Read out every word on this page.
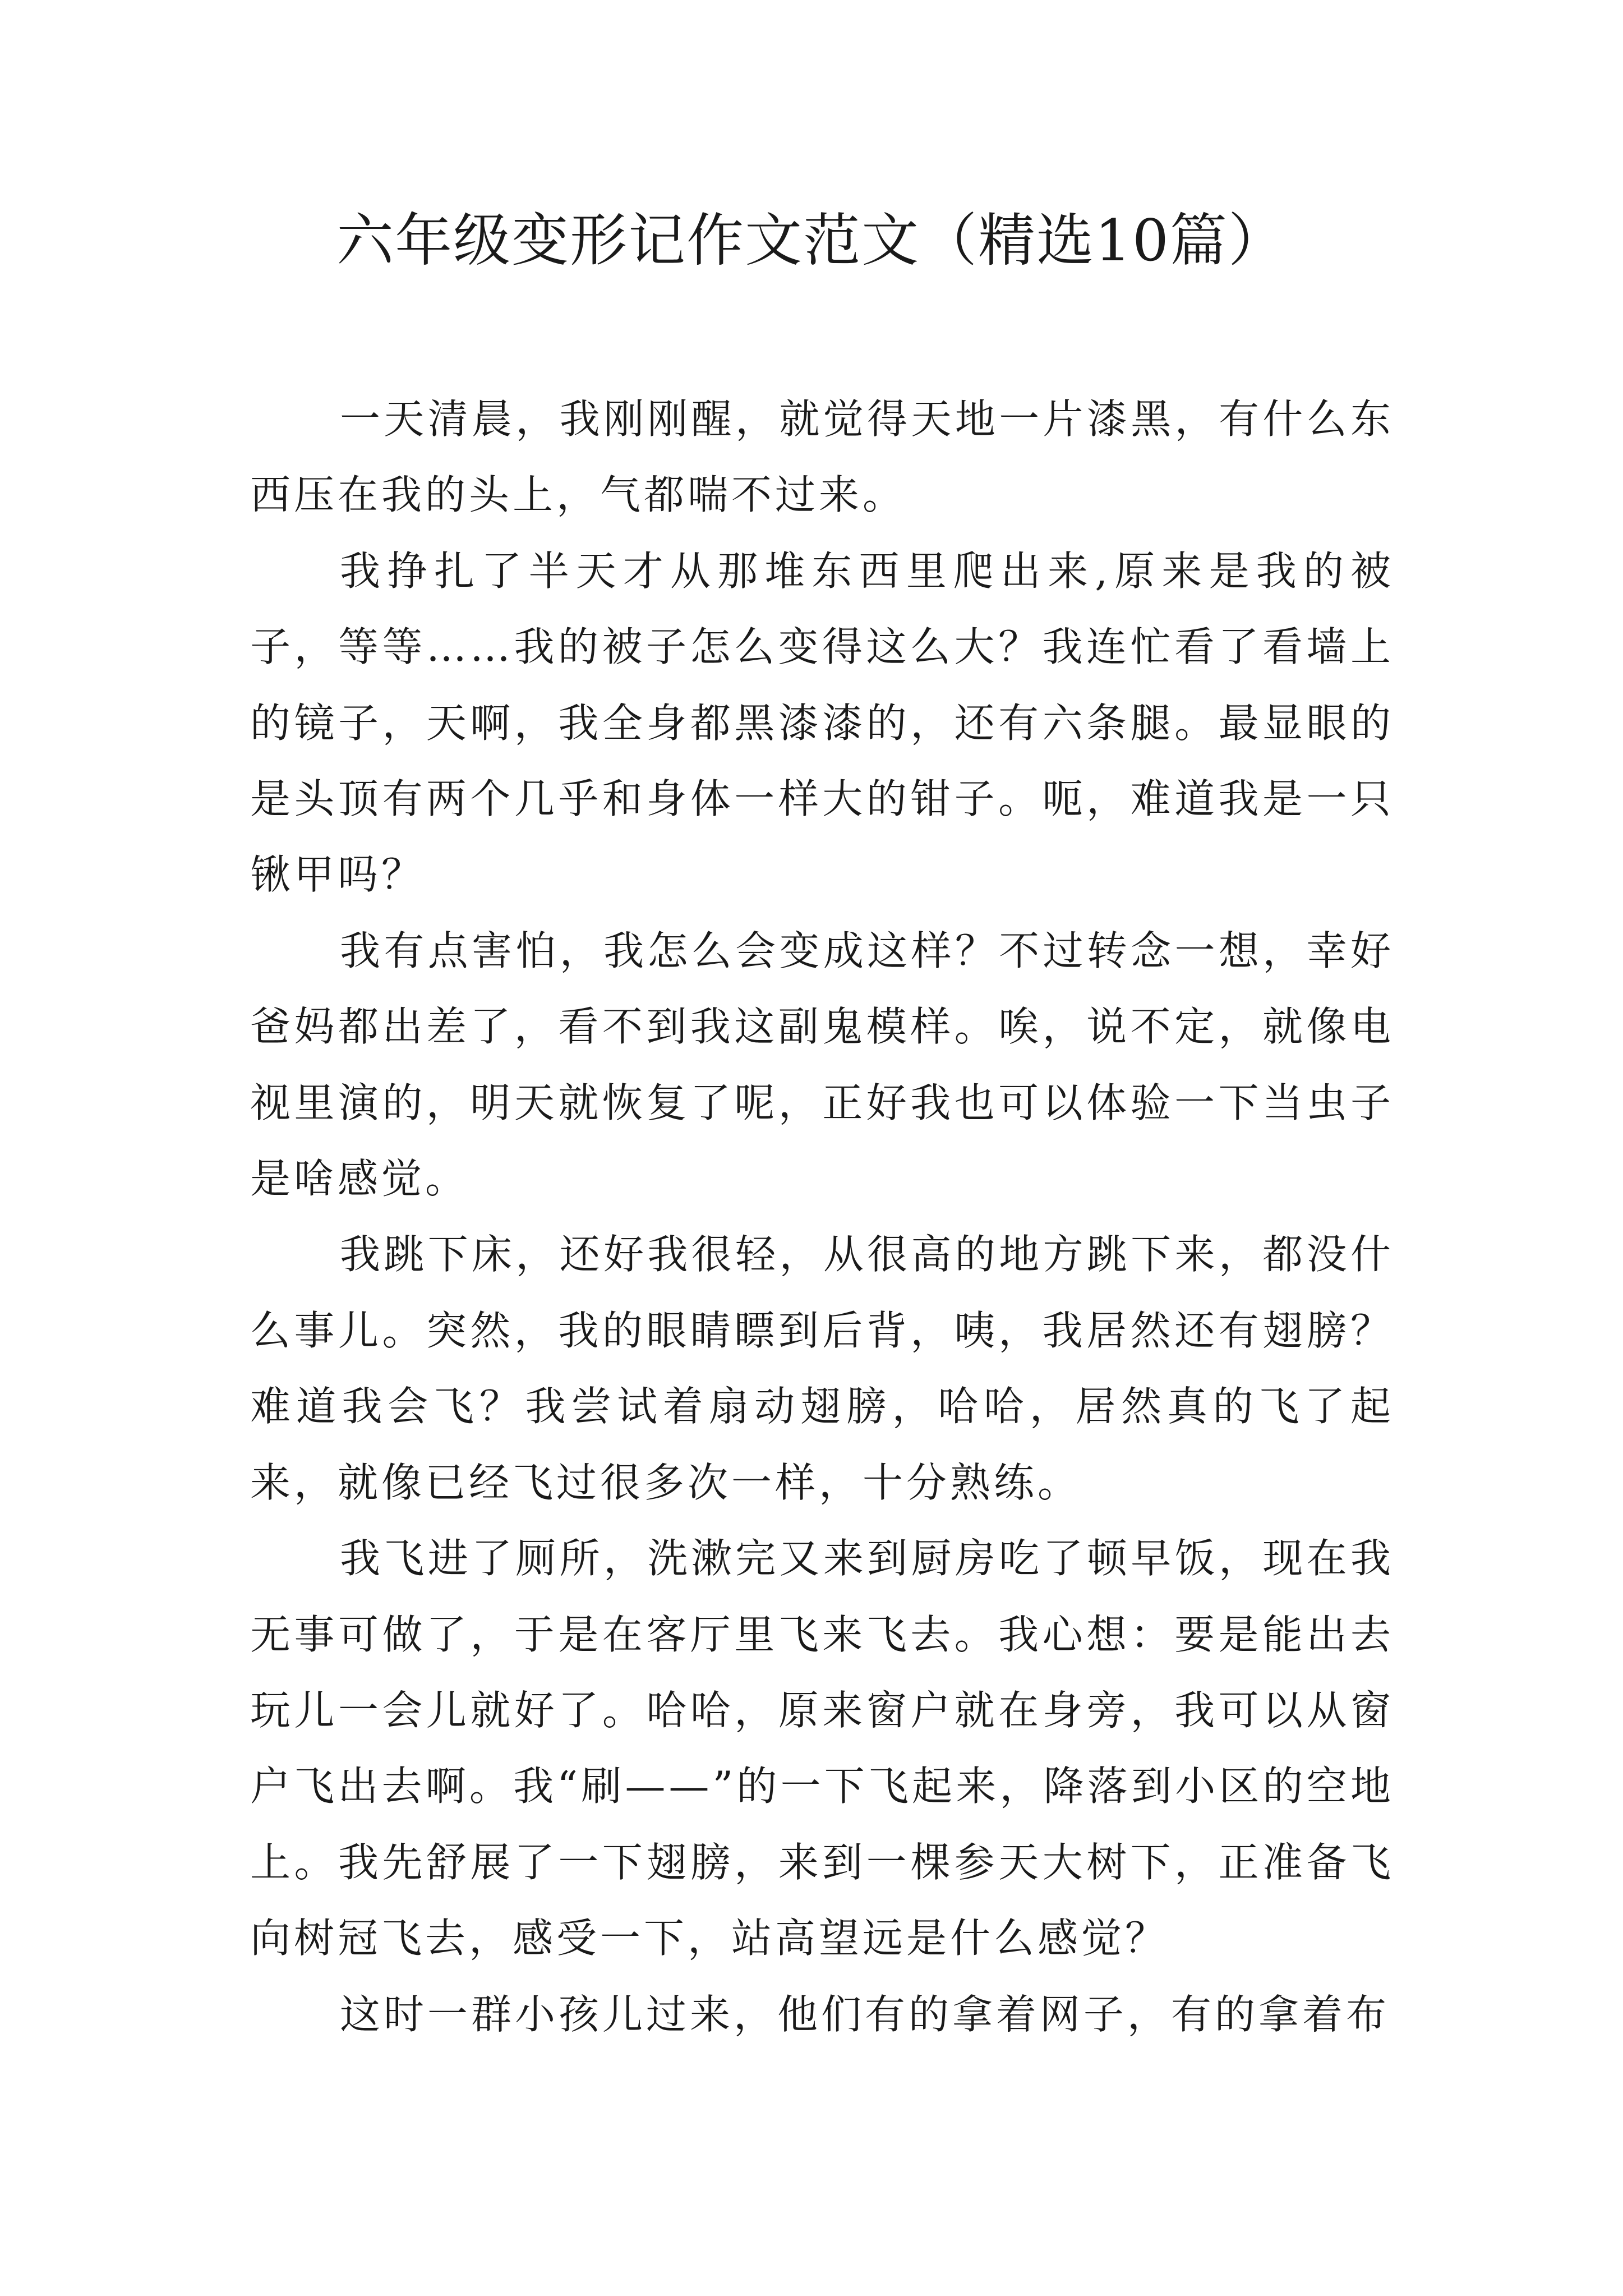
六年级变形记作文范文（精选10篇）

一天清晨，我刚刚醒，就觉得天地一片漆黑，有什么东西压在我的头上，气都喘不过来。

我挣扎了半天才从那堆东西里爬出来,原来是我的被子，等等……我的被子怎么变得这么大？我连忙看了看墙上的镜子，天啊，我全身都黑漆漆的，还有六条腿。最显眼的是头顶有两个几乎和身体一样大的钳子。呃，难道我是一只锹甲吗？

我有点害怕，我怎么会变成这样？不过转念一想，幸好爸妈都出差了，看不到我这副鬼模样。唉，说不定，就像电视里演的，明天就恢复了呢，正好我也可以体验一下当虫子是啥感觉。

我跳下床，还好我很轻，从很高的地方跳下来，都没什么事儿。突然，我的眼睛瞟到后背，咦，我居然还有翅膀？难道我会飞？我尝试着扇动翅膀，哈哈，居然真的飞了起来，就像已经飞过很多次一样，十分熟练。

我飞进了厕所，洗漱完又来到厨房吃了顿早饭，现在我无事可做了，于是在客厅里飞来飞去。我心想：要是能出去玩儿一会儿就好了。哈哈，原来窗户就在身旁，我可以从窗户飞出去啊。我“刷——”的一下飞起来，降落到小区的空地上。我先舒展了一下翅膀，来到一棵参天大树下，正准备飞向树冠飞去，感受一下，站高望远是什么感觉？

这时一群小孩儿过来，他们有的拿着网子，有的拿着布
